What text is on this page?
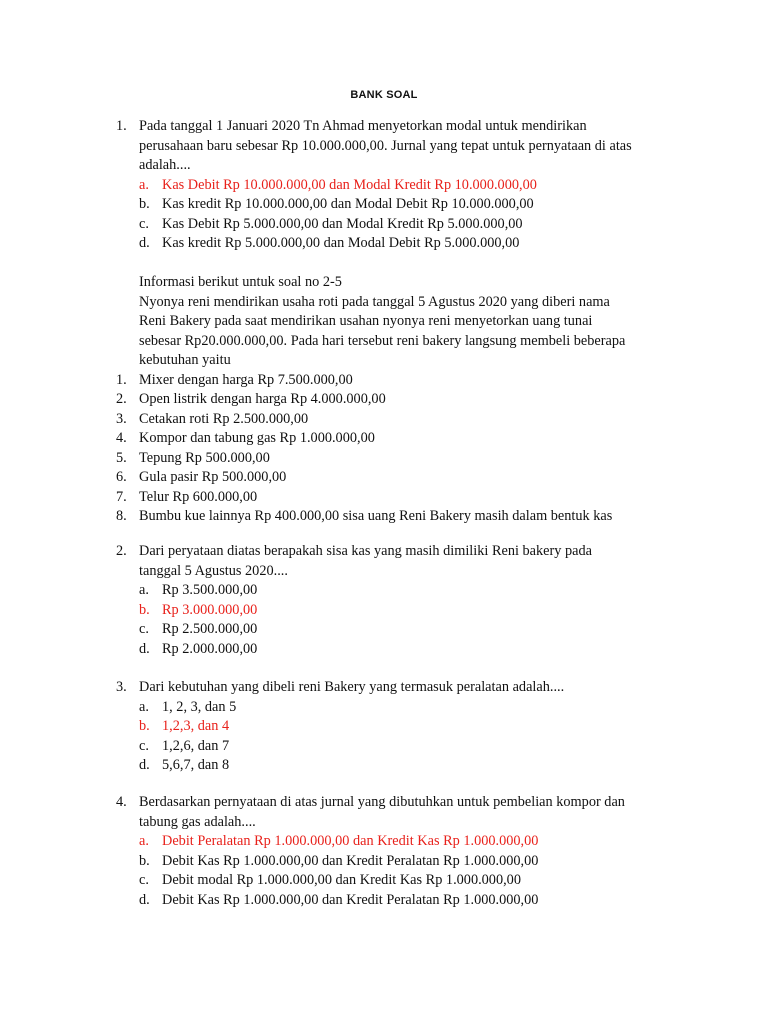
BANK SOAL
1. Pada tanggal 1 Januari 2020 Tn Ahmad menyetorkan modal untuk mendirikan
perusahaan baru sebesar Rp 10.000.000,00. Jurnal yang tepat untuk pernyataan di atas
adalah....
a. Kas Debit Rp 10.000.000,00 dan Modal Kredit Rp 10.000.000,00
b. Kas kredit Rp 10.000.000,00 dan Modal Debit Rp 10.000.000,00
c. Kas Debit Rp 5.000.000,00 dan Modal Kredit Rp 5.000.000,00
d. Kas kredit Rp 5.000.000,00 dan Modal Debit Rp 5.000.000,00

Informasi berikut untuk soal no 2-5

Nyonya reni mendirikan usaha roti pada tanggal 5 Agustus 2020 yang diberi nama

Reni Bakery pada saat mendirikan usahan nyonya reni menyetorkan uang tunai

sebesar Rp20.000.000,00. Pada hari tersebut reni bakery langsung membeli beberapa

kebutuhan yaitu

1. Mixer dengan harga Rp 7.500.000,00
2. Open listrik dengan harga Rp 4.000.000,00
3. Cetakan roti Rp 2.500.000,00
4. Kompor dan tabung gas Rp 1.000.000,00
5. Tepung Rp 500.000,00
6. Gula pasir Rp 500.000,00
7. Telur Rp 600.000,00
8. Bumbu kue lainnya Rp 400.000,00 sisa uang Reni Bakery masih dalam bentuk kas
2. Dari peryataan diatas berapakah sisa kas yang masih dimiliki Reni bakery pada
tanggal 5 Agustus 2020....
a. Rp 3.500.000,00
b. Rp 3.000.000,00
c. Rp 2.500.000,00
d. Rp 2.000.000,00
3. Dari kebutuhan yang dibeli reni Bakery yang termasuk peralatan adalah....
a. 1, 2, 3, dan 5
b. 1,2,3, dan 4
c. 1,2,6, dan 7
d. 5,6,7, dan 8
4. Berdasarkan pernyataan di atas jurnal yang dibutuhkan untuk pembelian kompor dan
tabung gas adalah....
a. Debit Peralatan Rp 1.000.000,00 dan Kredit Kas Rp 1.000.000,00
b. Debit Kas Rp 1.000.000,00 dan Kredit Peralatan Rp 1.000.000,00
c. Debit modal Rp 1.000.000,00 dan Kredit Kas Rp 1.000.000,00
d. Debit Kas Rp 1.000.000,00 dan Kredit Peralatan Rp 1.000.000,00
